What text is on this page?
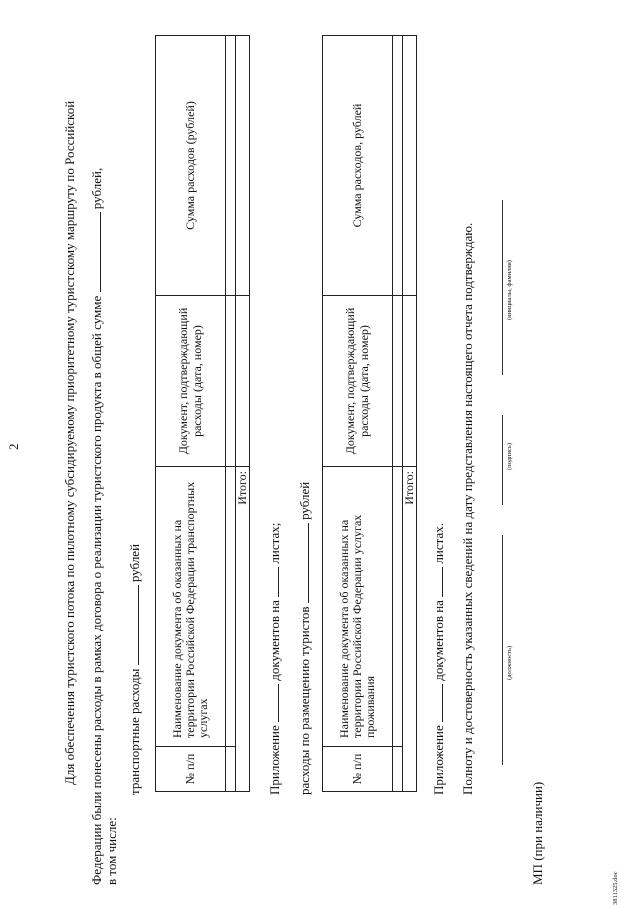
2	Для обеспечения туристского потока по пилотному субсидируемому приоритетному туристскому маршруту по Российской Федерации были понесены расходы в рамках договора о реализации туристского продукта в общей сумме  рублей,
в том числе:
транспортные расходы  рублей
№ п/п	Наименование документа об оказанных на территории Российской Федерации транспортных услугах	Документ, подтверждающий расходы (дата, номер)	Сумма расходов (рублей)

Итого:			
Приложение  документов на  листах;
расходы по размещению туристов  рублей
№ п/п	Наименование документа об оказанных на территории Российской Федерации услугах проживания	Документ, подтверждающий расходы (дата, номер)	Сумма расходов, рублей

Итого:			
Приложение  документов на  листах. Полноту и достоверность указанных сведений на дату представления настоящего отчета подтверждаю.	(должность)
(подпись)
(инициалы, фамилия)
МП (при наличии)
3811325.doc
